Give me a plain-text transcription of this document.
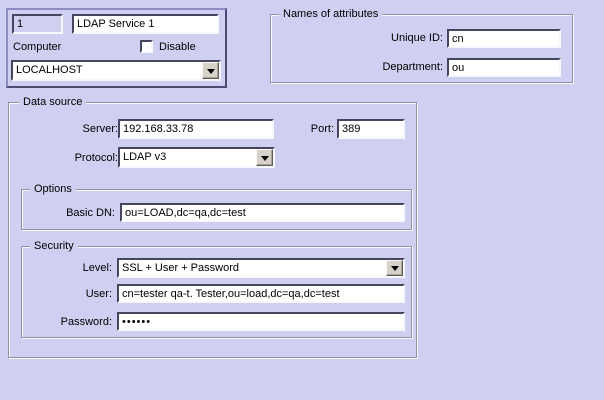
1	LDAP Service 1
Computer	Disable
LOCALHOST
Names of attributes
Unique ID: cn
Department: ou
Data source
Server: 192.168.33.78	Port: 389
Protocol: LDAP v3
Options
Basic DN: ou=LOAD,dc=qa,dc=test
Security
Level: SSL + User + Password
User: cn=tester qa-t. Tester,ou=load,dc=qa,dc=test
Password: ••••••
